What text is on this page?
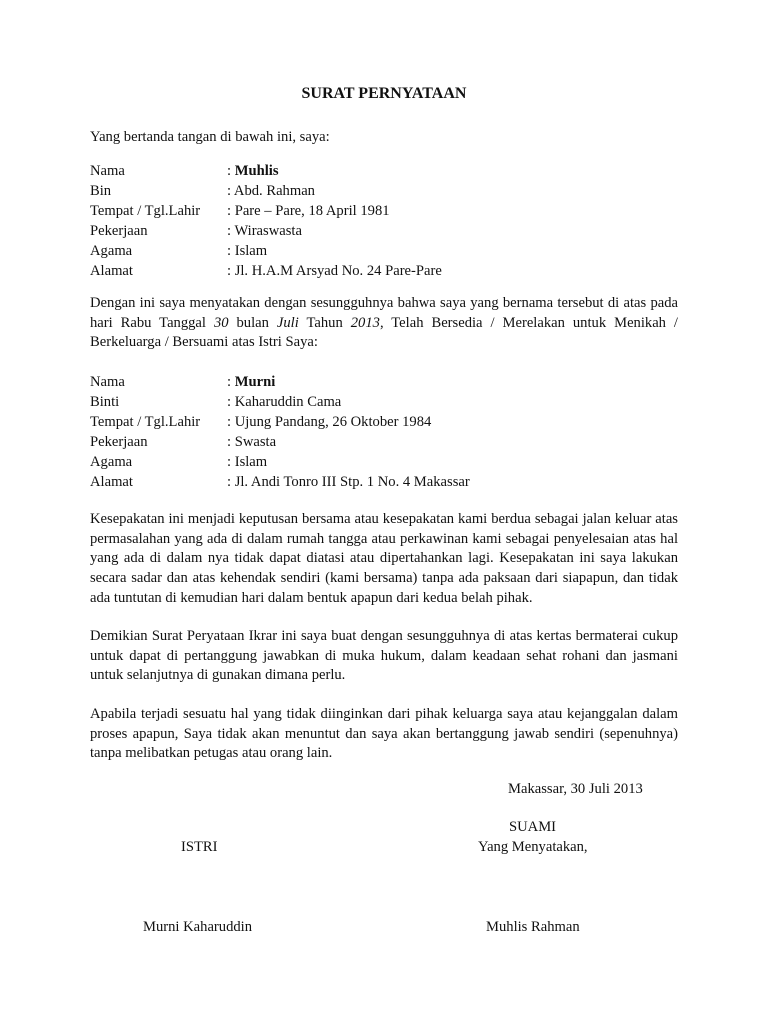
SURAT PERNYATAAN
Yang bertanda tangan di bawah ini, saya:
Nama	: Muhlis
Bin	: Abd. Rahman
Tempat / Tgl.Lahir	: Pare – Pare, 18 April 1981
Pekerjaan	: Wiraswasta
Agama	: Islam
Alamat	: Jl. H.A.M Arsyad No. 24 Pare-Pare
Dengan ini saya menyatakan dengan sesungguhnya bahwa saya yang bernama tersebut di atas pada hari Rabu Tanggal 30 bulan Juli Tahun 2013, Telah Bersedia / Merelakan untuk Menikah / Berkeluarga / Bersuami atas Istri Saya:
Nama	: Murni
Binti	: Kaharuddin Cama
Tempat / Tgl.Lahir	: Ujung Pandang, 26 Oktober 1984
Pekerjaan	: Swasta
Agama	: Islam
Alamat	: Jl. Andi Tonro III Stp. 1 No. 4 Makassar
Kesepakatan ini menjadi keputusan bersama atau kesepakatan kami berdua sebagai jalan keluar atas permasalahan yang ada di dalam rumah tangga atau perkawinan kami sebagai penyelesaian atas hal yang ada di dalam nya tidak dapat diatasi atau dipertahankan lagi. Kesepakatan ini saya lakukan secara sadar dan atas kehendak sendiri (kami bersama) tanpa ada paksaan dari siapapun, dan tidak ada tuntutan di kemudian hari dalam bentuk apapun dari kedua belah pihak.
Demikian Surat Peryataan Ikrar ini saya buat dengan sesungguhnya di atas kertas bermaterai cukup untuk dapat di pertanggung jawabkan di muka hukum, dalam keadaan sehat rohani dan jasmani untuk selanjutnya di gunakan dimana perlu.
Apabila terjadi sesuatu hal yang tidak diinginkan dari pihak keluarga saya atau kejanggalan dalam proses apapun, Saya tidak akan menuntut dan saya akan bertanggung jawab sendiri (sepenuhnya) tanpa melibatkan petugas atau orang lain.
Makassar, 30 Juli 2013
SUAMI
Yang Menyatakan,
ISTRI
Murni Kaharuddin	Muhlis Rahman
